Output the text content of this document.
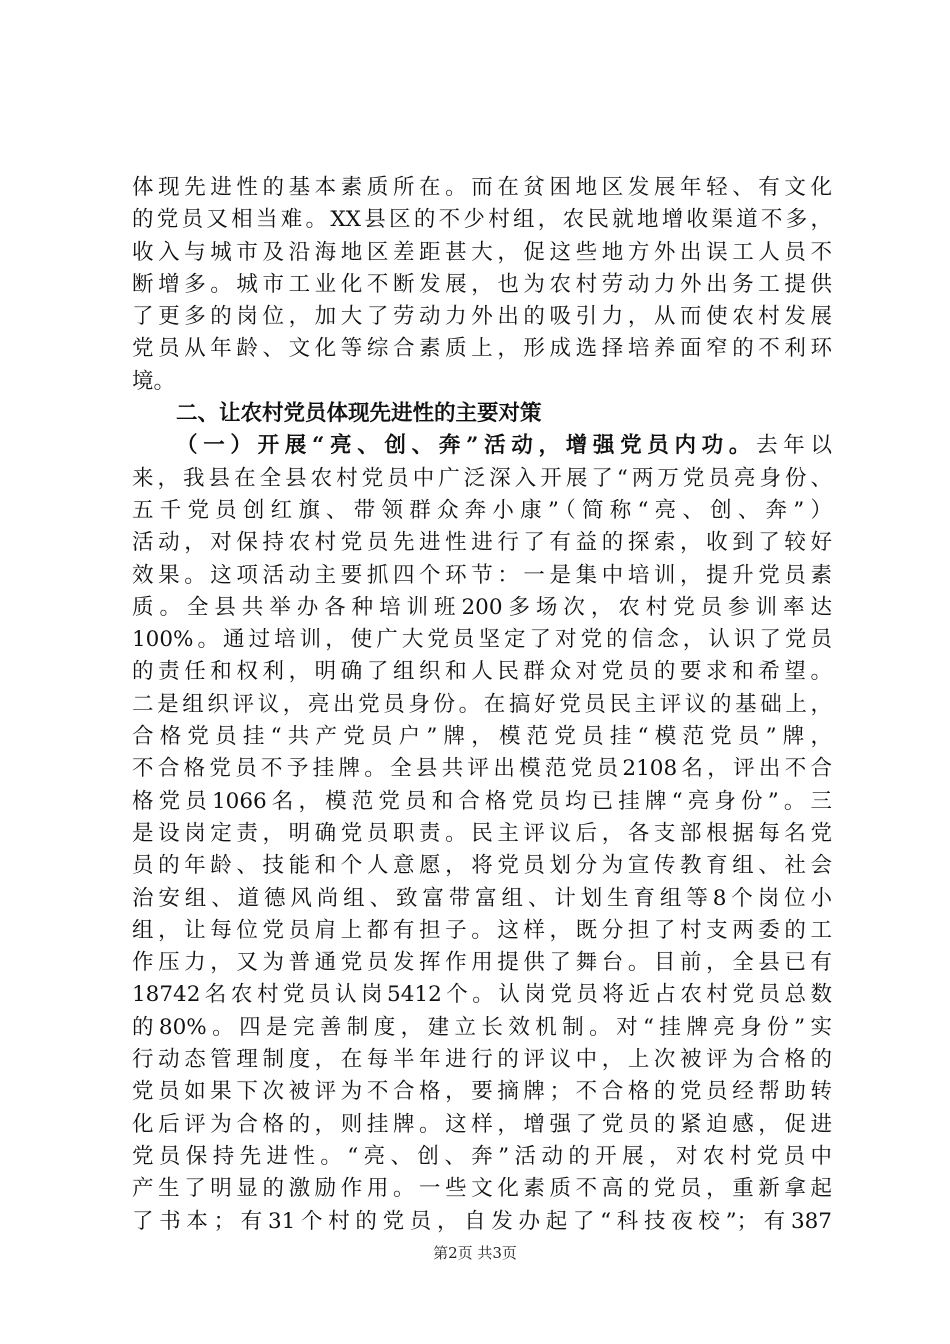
体现先进性的基本素质所在。而在贫困地区发展年轻、有文化
的党员又相当难。XX县区的不少村组，农民就地增收渠道不多，
收入与城市及沿海地区差距甚大，促这些地方外出误工人员不
断增多。城市工业化不断发展，也为农村劳动力外出务工提供
了更多的岗位，加大了劳动力外出的吸引力，从而使农村发展
党员从年龄、文化等综合素质上，形成选择培养面窄的不利环
境。
二、让农村党员体现先进性的主要对策
（一）开展“亮、创、奔”活动，增强党员内功。去年以
来，我县在全县农村党员中广泛深入开展了“两万党员亮身份、
五千党员创红旗、带领群众奔小康”（简称“亮、创、奔”）
活动，对保持农村党员先进性进行了有益的探索，收到了较好
效果。这项活动主要抓四个环节：一是集中培训，提升党员素
质。全县共举办各种培训班200多场次，农村党员参训率达
100%。通过培训，使广大党员坚定了对党的信念，认识了党员
的责任和权利，明确了组织和人民群众对党员的要求和希望。
二是组织评议，亮出党员身份。在搞好党员民主评议的基础上，
合格党员挂“共产党员户”牌，模范党员挂“模范党员”牌，
不合格党员不予挂牌。全县共评出模范党员2108名，评出不合
格党员1066名，模范党员和合格党员均已挂牌“亮身份”。三
是设岗定责，明确党员职责。民主评议后，各支部根据每名党
员的年龄、技能和个人意愿，将党员划分为宣传教育组、社会
治安组、道德风尚组、致富带富组、计划生育组等8个岗位小
组，让每位党员肩上都有担子。这样，既分担了村支两委的工
作压力，又为普通党员发挥作用提供了舞台。目前，全县已有
18742名农村党员认岗5412个。认岗党员将近占农村党员总数
的80%。四是完善制度，建立长效机制。对“挂牌亮身份”实
行动态管理制度，在每半年进行的评议中，上次被评为合格的
党员如果下次被评为不合格，要摘牌；不合格的党员经帮助转
化后评为合格的，则挂牌。这样，增强了党员的紧迫感，促进
党员保持先进性。“亮、创、奔”活动的开展，对农村党员中
产生了明显的激励作用。一些文化素质不高的党员，重新拿起
了书本；有31个村的党员，自发办起了“科技夜校”；有387
第2页 共3页
